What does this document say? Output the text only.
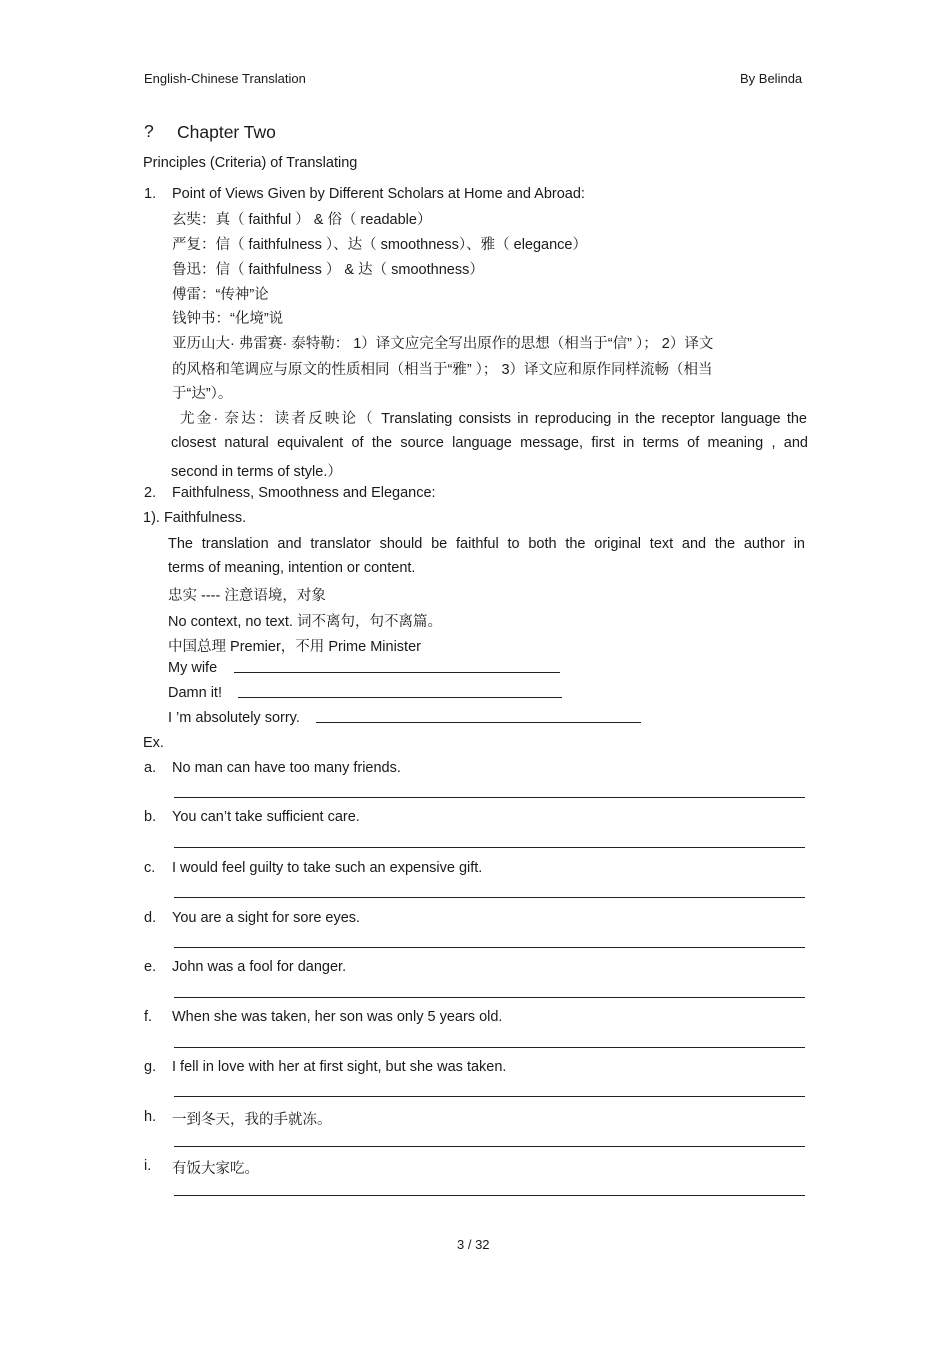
English-Chinese Translation	By Belinda
? Chapter Two
Principles (Criteria) of Translating
1. Point of Views Given by Different Scholars at Home and Abroad:
玄奘：真（ faithful ） & 俗（ readable）
严复：信（ faithfulness ）、达（ smoothness）、雅（ elegance）
鲁迅：信（ faithfulness ） & 达（ smoothness）
傅雷：“传神”论
钱钟书：“化境”说
亚历山大· 弗雷赛· 泰特勒： 1）译文应完全写出原作的思想（相当于“信” ）； 2）译文
的风格和笔调应与原文的性质相同（相当于“雅” ）； 3）译文应和原作同样流畅（相当
于“达”）。
尤金· 奈达：读者反映论（ Translating consists in reproducing in the receptor language the
closest natural equivalent of the source language message, first in terms of meaning , and
second in terms of style.）
2. Faithfulness, Smoothness and Elegance:
1). Faithfulness.
The translation and translator should be faithful to both the original text and the author in
terms of meaning, intention or content.
忠实 ---- 注意语境，对象
No context, no text. 词不离句，句不离篇。
中国总理 Premier，不用 Prime Minister
My wife
Damn it!
I ’m absolutely sorry.
Ex.
a. No man can have too many friends.
b. You can’t take sufficient care.
c. I would feel guilty to take such an expensive gift.
d. You are a sight for sore eyes.
e. John was a fool for danger.
f. When she was taken, her son was only 5 years old.
g. I fell in love with her at first sight, but she was taken.
h. 一到冬天，我的手就冻。
i. 有饭大家吃。
3 / 32
